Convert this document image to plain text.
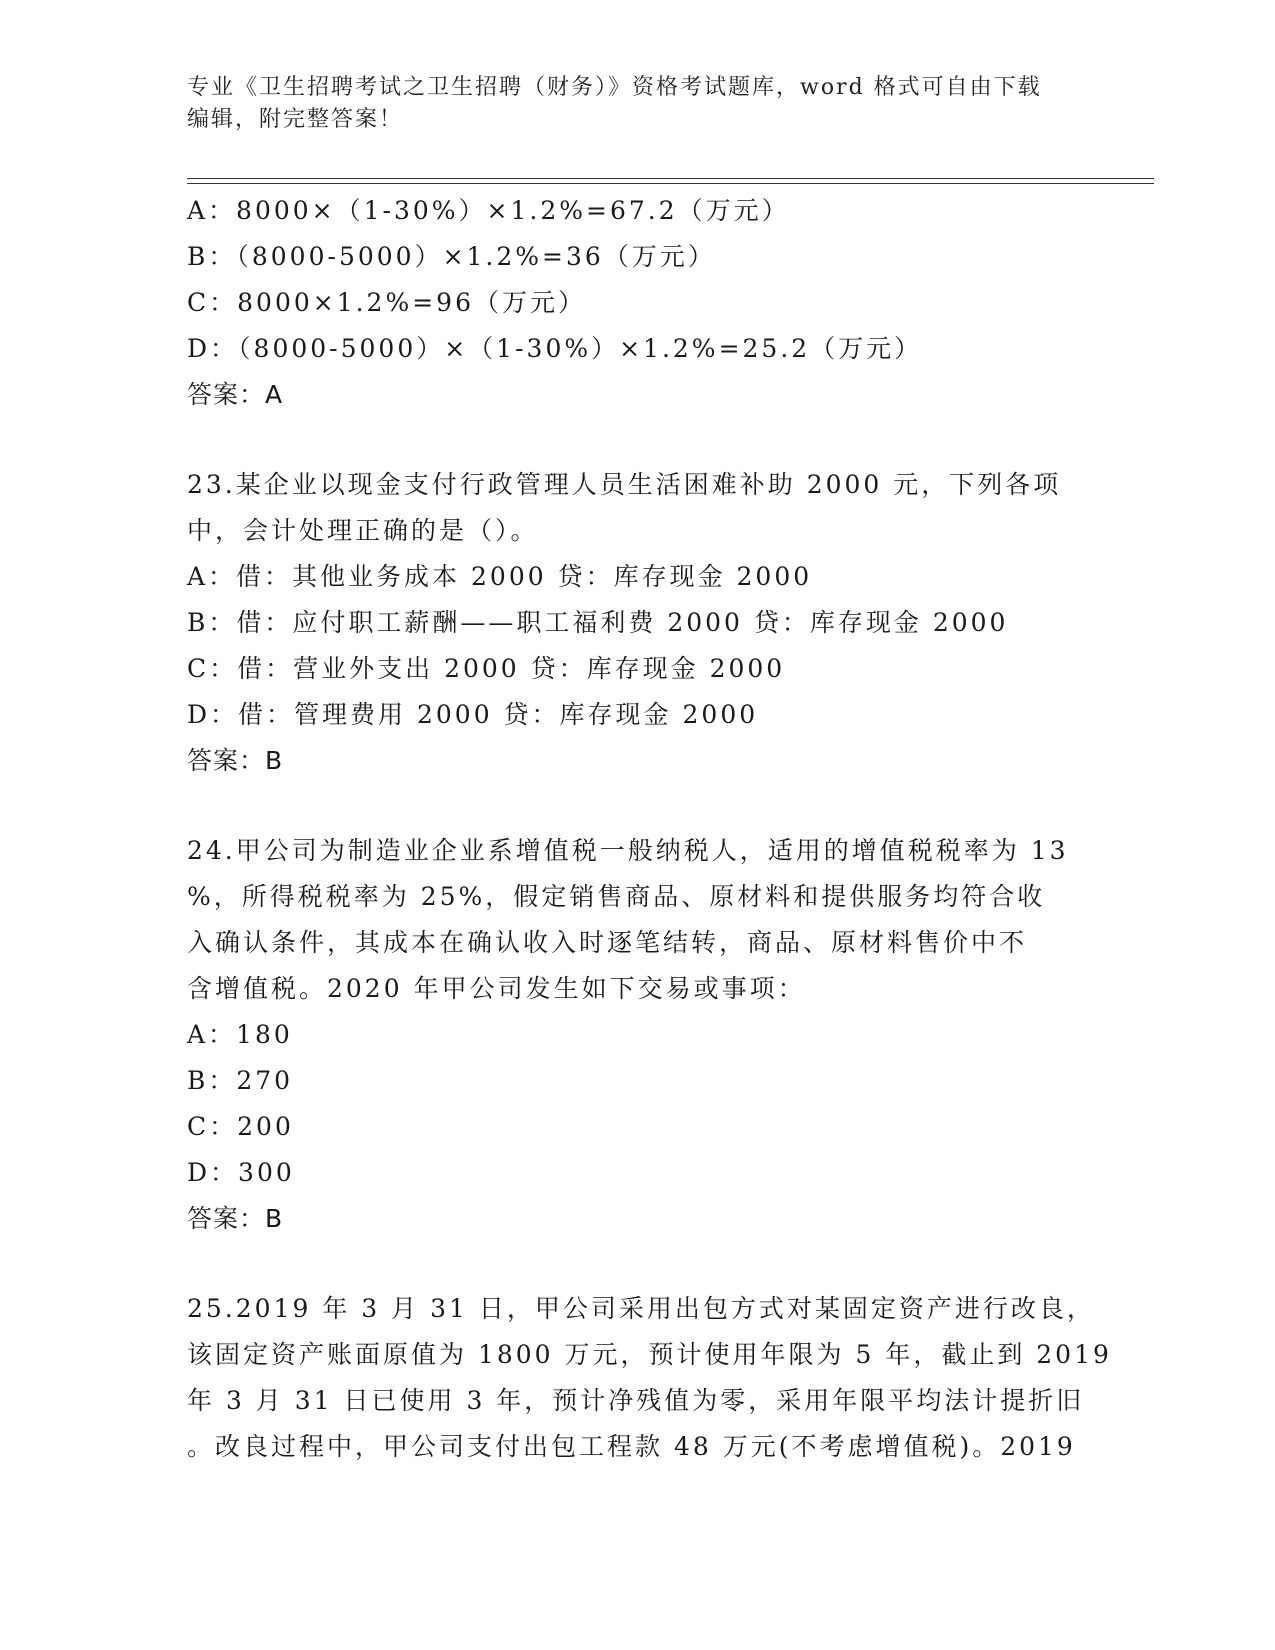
专业《卫生招聘考试之卫生招聘（财务）》资格考试题库，word 格式可自由下载
编辑，附完整答案！
A：8000×（1-30%）×1.2%=67.2（万元）
B：（8000-5000）×1.2%=36（万元）
C：8000×1.2%=96（万元）
D：（8000-5000）×（1-30%）×1.2%=25.2（万元）
答案：A
23.某企业以现金支付行政管理人员生活困难补助 2000 元，下列各项
中，会计处理正确的是（）。
A：借：其他业务成本 2000 贷：库存现金 2000
B：借：应付职工薪酬——职工福利费 2000 贷：库存现金 2000
C：借：营业外支出 2000 贷：库存现金 2000
D：借：管理费用 2000 贷：库存现金 2000
答案：B
24.甲公司为制造业企业系增值税一般纳税人，适用的增值税税率为 13
%，所得税税率为 25%，假定销售商品、原材料和提供服务均符合收
入确认条件，其成本在确认收入时逐笔结转，商品、原材料售价中不
含增值税。2020 年甲公司发生如下交易或事项：
A：180
B：270
C：200
D：300
答案：B
25.2019 年 3 月 31 日，甲公司采用出包方式对某固定资产进行改良，
该固定资产账面原值为 1800 万元，预计使用年限为 5 年，截止到 2019
年 3 月 31 日已使用 3 年，预计净残值为零，采用年限平均法计提折旧
。改良过程中，甲公司支付出包工程款 48 万元(不考虑增值税)。2019
